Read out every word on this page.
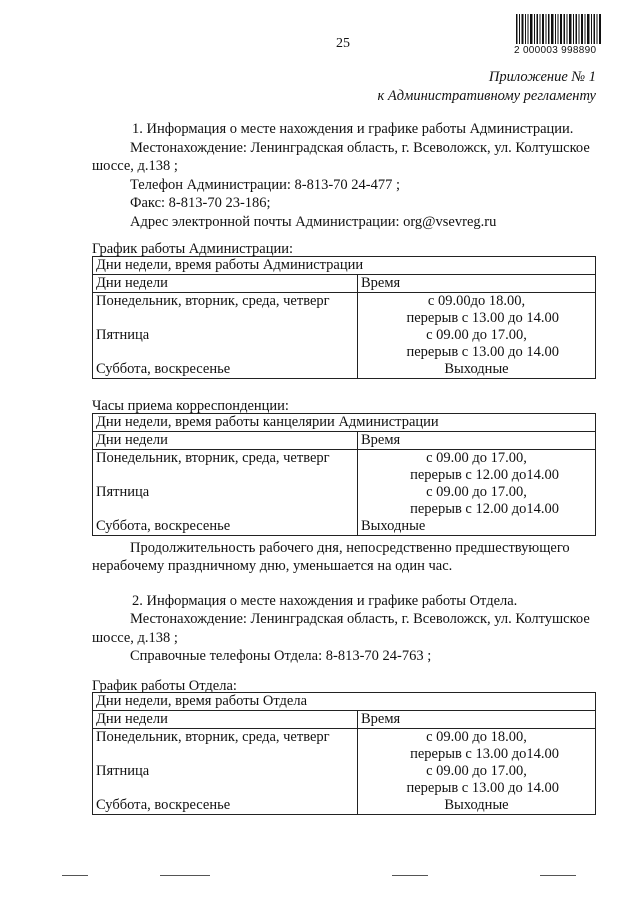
25	2 000003 998890
Приложение № 1
к Административному регламенту
1. Информация о месте нахождения и графике работы Администрации.
Местонахождение: Ленинградская область, г. Всеволожск, ул. Колтушское
шоссе, д.138 ;
Телефон Администрации: 8-813-70 24-477 ;
Факс: 8-813-70 23-186;
Адрес электронной почты Администрации: org@vsevreg.ru
График работы Администрации:
Дни недели, время работы Администрации	
Дни недели	Время
Понедельник, вторник, среда, четверг	с 09.00до 18.00,
	перерыв с 13.00 до 14.00
Пятница	с 09.00 до 17.00,
	перерыв с 13.00 до 14.00
Суббота, воскресенье	Выходные
Часы приема корреспонденции:
Дни недели, время работы канцелярии Администрации	
Дни недели	Время
Понедельник, вторник, среда, четверг	с 09.00 до 17.00,
	перерыв с 12.00 до14.00
Пятница	с 09.00 до 17.00,
	перерыв с 12.00 до14.00
Суббота, воскресенье	Выходные
Продолжительность рабочего дня, непосредственно предшествующего
нерабочему праздничному дню, уменьшается на один час.
2. Информация о месте нахождения и графике работы Отдела.
Местонахождение: Ленинградская область, г. Всеволожск, ул. Колтушское
шоссе, д.138 ;
Справочные телефоны Отдела: 8-813-70 24-763 ;
График работы Отдела:
Дни недели, время работы Отдела	
Дни недели	Время
Понедельник, вторник, среда, четверг	с 09.00 до 18.00,
	перерыв с 13.00 до14.00
Пятница	с 09.00 до 17.00,
	перерыв с 13.00 до 14.00
Суббота, воскресенье	Выходные
